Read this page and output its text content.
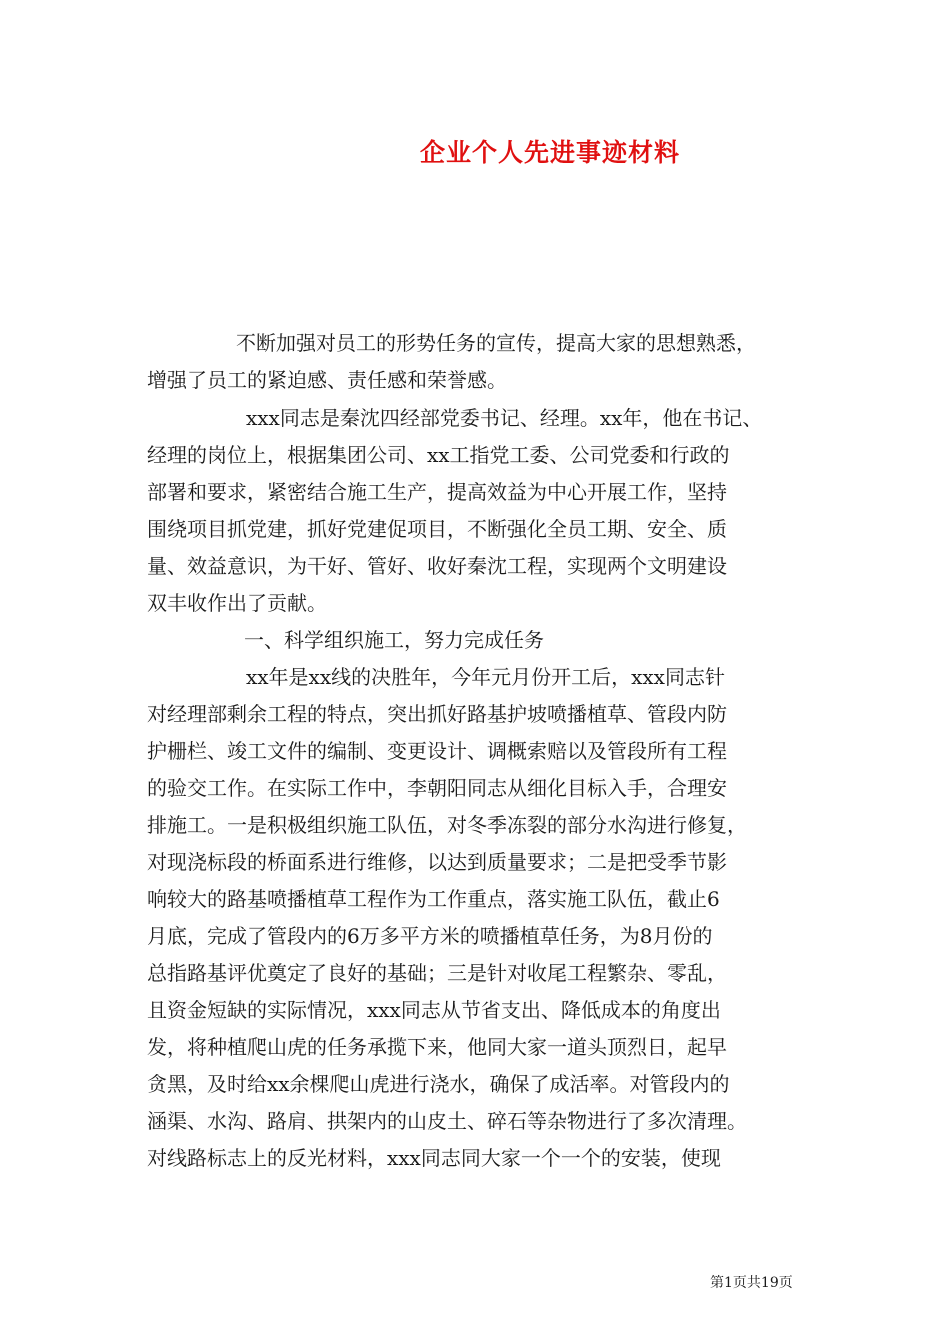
企业个人先进事迹材料
不断加强对员工的形势任务的宣传，提高大家的思想熟悉，
增强了员工的紧迫感、责任感和荣誉感。
xxx同志是秦沈四经部党委书记、经理。xx年，他在书记、
经理的岗位上，根据集团公司、xx工指党工委、公司党委和行政的
部署和要求，紧密结合施工生产，提高效益为中心开展工作，坚持
围绕项目抓党建，抓好党建促项目，不断强化全员工期、安全、质
量、效益意识，为干好、管好、收好秦沈工程，实现两个文明建设
双丰收作出了贡献。
一、科学组织施工，努力完成任务
xx年是xx线的决胜年，今年元月份开工后，xxx同志针
对经理部剩余工程的特点，突出抓好路基护坡喷播植草、管段内防
护栅栏、竣工文件的编制、变更设计、调概索赔以及管段所有工程
的验交工作。在实际工作中，李朝阳同志从细化目标入手，合理安
排施工。一是积极组织施工队伍，对冬季冻裂的部分水沟进行修复，
对现浇标段的桥面系进行维修，以达到质量要求；二是把受季节影
响较大的路基喷播植草工程作为工作重点，落实施工队伍，截止6
月底，完成了管段内的6万多平方米的喷播植草任务，为8月份的
总指路基评优奠定了良好的基础；三是针对收尾工程繁杂、零乱，
且资金短缺的实际情况，xxx同志从节省支出、降低成本的角度出
发，将种植爬山虎的任务承揽下来，他同大家一道头顶烈日，起早
贪黑，及时给xx余棵爬山虎进行浇水，确保了成活率。对管段内的
涵渠、水沟、路肩、拱架内的山皮土、碎石等杂物进行了多次清理。
对线路标志上的反光材料，xxx同志同大家一个一个的安装，使现
第1页共19页
